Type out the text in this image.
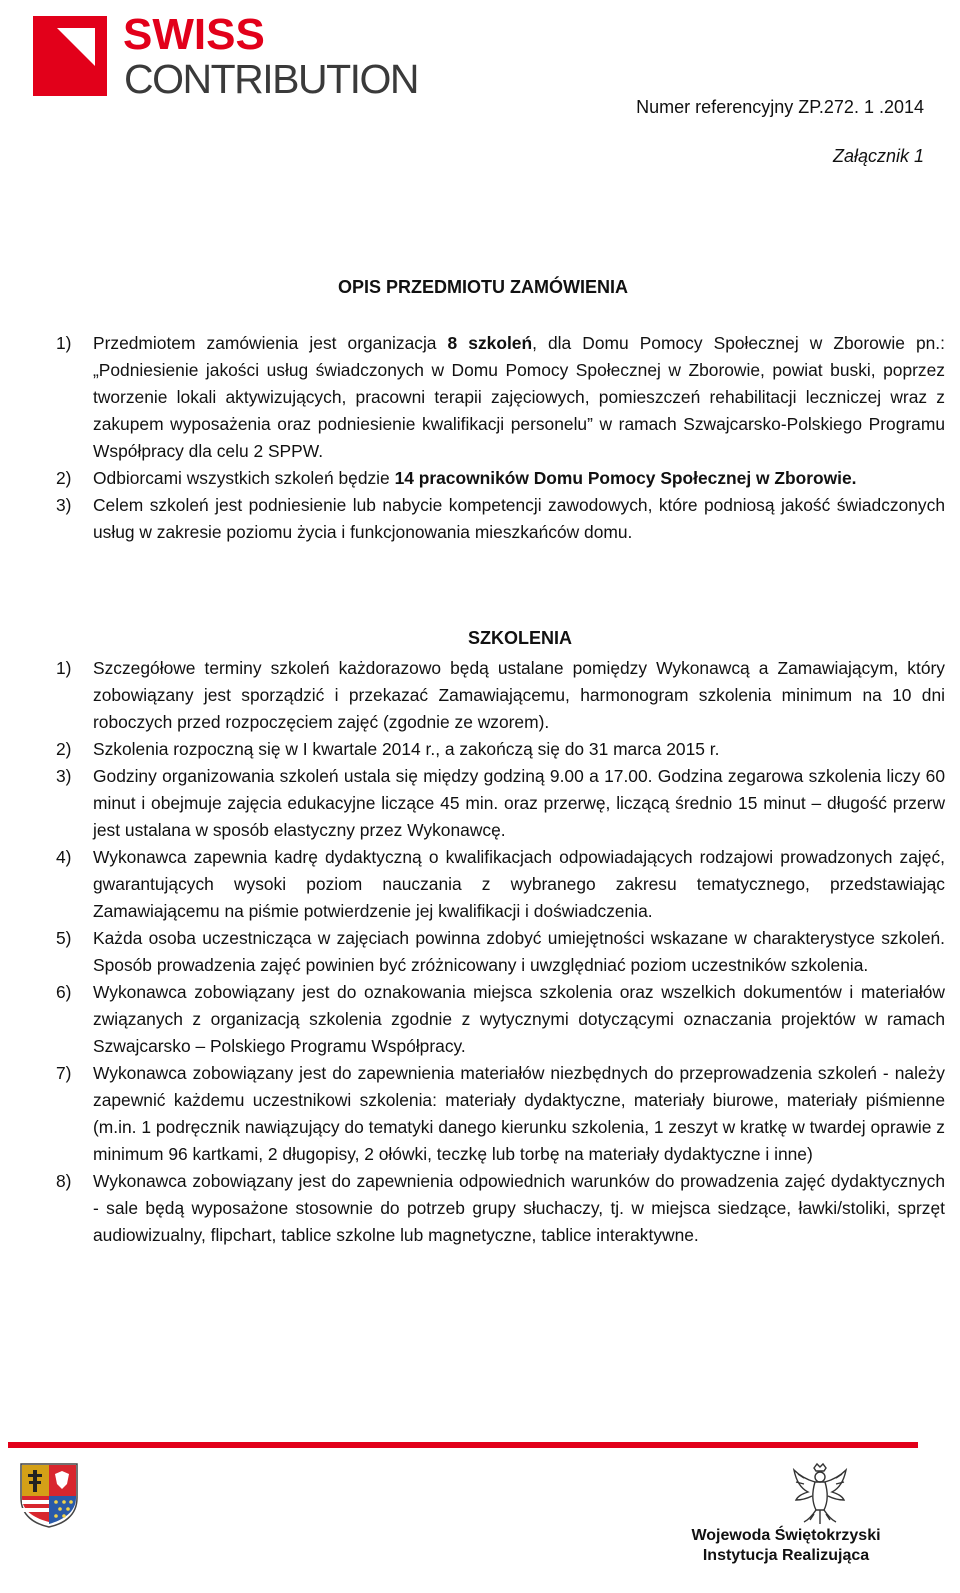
SWISS
CONTRIBUTION
Numer referencyjny ZP.272. 1 .2014
Załącznik 1
OPIS PRZEDMIOTU ZAMÓWIENIA
1) Przedmiotem zamówienia jest organizacja 8 szkoleń, dla Domu Pomocy Społecznej w Zborowie pn.: „Podniesienie jakości usług świadczonych w Domu Pomocy Społecznej w Zborowie, powiat buski, poprzez tworzenie lokali aktywizujących, pracowni terapii zajęciowych, pomieszczeń rehabilitacji leczniczej wraz z zakupem wyposażenia oraz podniesienie kwalifikacji personelu” w ramach Szwajcarsko-Polskiego Programu Współpracy dla celu 2 SPPW.
2) Odbiorcami wszystkich szkoleń będzie 14 pracowników Domu Pomocy Społecznej w Zborowie.
3) Celem szkoleń jest podniesienie lub nabycie kompetencji zawodowych, które podniosą jakość świadczonych usług w zakresie poziomu życia i funkcjonowania mieszkańców domu.
SZKOLENIA
1) Szczegółowe terminy szkoleń każdorazowo będą ustalane pomiędzy Wykonawcą a Zamawiającym, który zobowiązany jest sporządzić i przekazać Zamawiającemu, harmonogram szkolenia minimum na 10 dni roboczych przed rozpoczęciem zajęć (zgodnie ze wzorem).
2) Szkolenia rozpoczną się w I kwartale 2014 r., a zakończą się do 31 marca 2015 r.
3) Godziny organizowania szkoleń ustala się między godziną 9.00 a 17.00. Godzina zegarowa szkolenia liczy 60 minut i obejmuje zajęcia edukacyjne liczące 45 min. oraz przerwę, liczącą średnio 15 minut – długość przerw jest ustalana w sposób elastyczny przez Wykonawcę.
4) Wykonawca zapewnia kadrę dydaktyczną o kwalifikacjach odpowiadających rodzajowi prowadzonych zajęć, gwarantujących wysoki poziom nauczania z wybranego zakresu tematycznego, przedstawiając Zamawiającemu na piśmie potwierdzenie jej kwalifikacji i doświadczenia.
5) Każda osoba uczestnicząca w zajęciach powinna zdobyć umiejętności wskazane w charakterystyce szkoleń. Sposób prowadzenia zajęć powinien być zróżnicowany i uwzględniać poziom uczestników szkolenia.
6) Wykonawca zobowiązany jest do oznakowania miejsca szkolenia oraz wszelkich dokumentów i materiałów związanych z organizacją szkolenia zgodnie z wytycznymi dotyczącymi oznaczania projektów w ramach Szwajcarsko – Polskiego Programu Współpracy.
7) Wykonawca zobowiązany jest do zapewnienia materiałów niezbędnych do przeprowadzenia szkoleń - należy zapewnić każdemu uczestnikowi szkolenia: materiały dydaktyczne, materiały biurowe, materiały piśmienne (m.in. 1 podręcznik nawiązujący do tematyki danego kierunku szkolenia, 1 zeszyt w kratkę w twardej oprawie z minimum 96 kartkami, 2 długopisy, 2 ołówki, teczkę lub torbę na materiały dydaktyczne i inne)
8) Wykonawca zobowiązany jest do zapewnienia odpowiednich warunków do prowadzenia zajęć dydaktycznych - sale będą wyposażone stosownie do potrzeb grupy słuchaczy, tj. w miejsca siedzące, ławki/stoliki, sprzęt audiowizualny, flipchart, tablice szkolne lub magnetyczne, tablice interaktywne.
Wojewoda Świętokrzyski
Instytucja Realizująca
